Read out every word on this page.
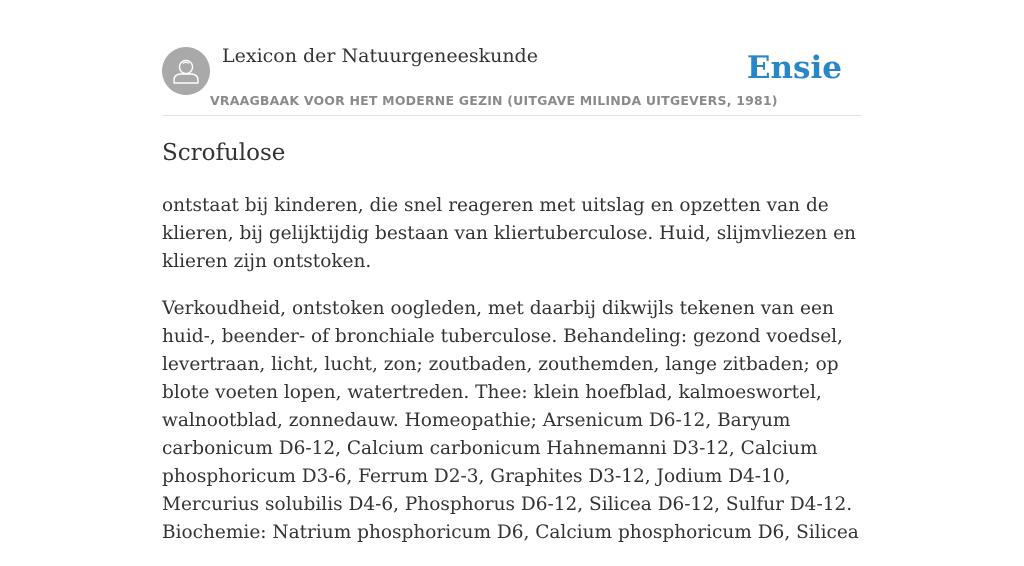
Lexicon der Natuurgeneeskunde
VRAAGBAAK VOOR HET MODERNE GEZIN (UITGAVE MILINDA UITGEVERS, 1981)
Ensie
Scrofulose

ontstaat bij kinderen, die snel reageren met uitslag en opzetten van de klieren, bij gelijktijdig bestaan van kliertuberculose. Huid, slijmvliezen en klieren zijn ontstoken.

Verkoudheid, ontstoken oogleden, met daarbij dikwijls tekenen van een huid-, beender- of bronchiale tuberculose. Behandeling: gezond voedsel, levertraan, licht, lucht, zon; zoutbaden, zouthemden, lange zitbaden; op blote voeten lopen, watertreden. Thee: klein hoefblad, kalmoeswortel, walnootblad, zonnedauw. Homeopathie; Arsenicum D6-12, Baryum carbonicum D6-12, Calcium carbonicum Hahnemanni D3-12, Calcium phosphoricum D3-6, Ferrum D2-3, Graphites D3-12, Jodium D4-10, Mercurius solubilis D4-6, Phosphorus D6-12, Silicea D6-12, Sulfur D4-12. Biochemie: Natrium phosphoricum D6, Calcium phosphoricum D6, Silicea
